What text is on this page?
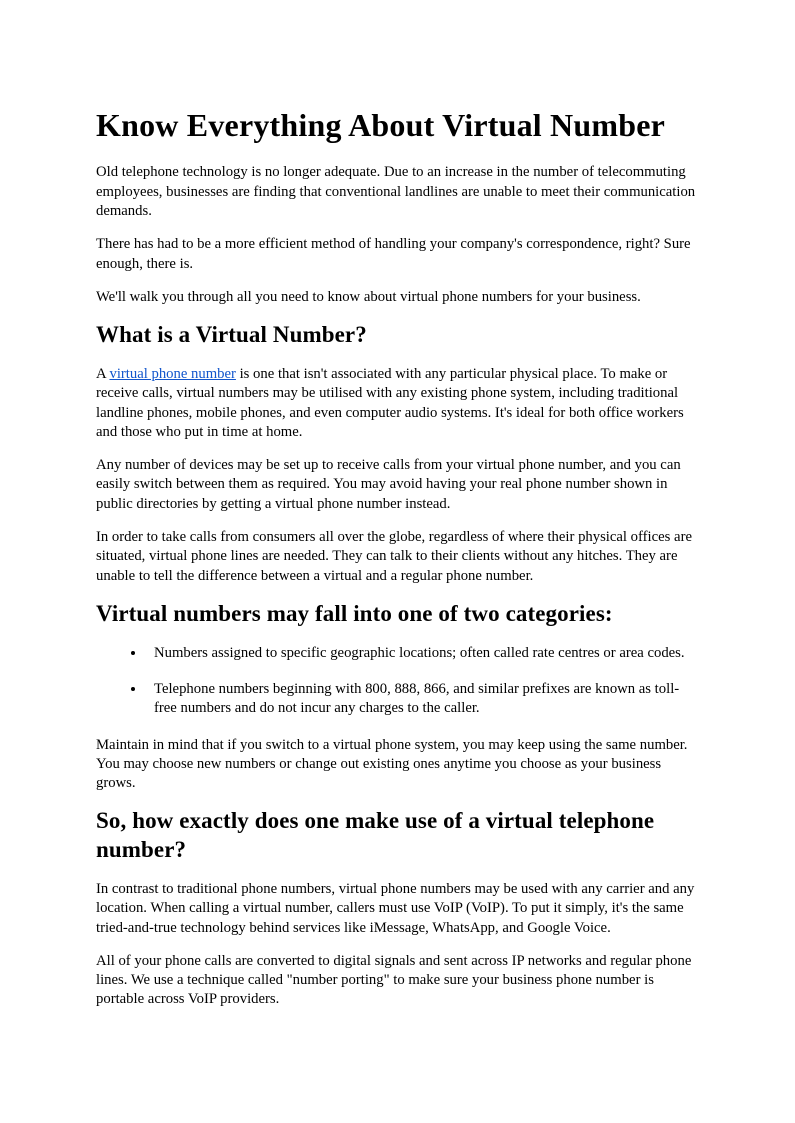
Know Everything About Virtual Number

Old telephone technology is no longer adequate. Due to an increase in the number of telecommuting employees, businesses are finding that conventional landlines are unable to meet their communication demands.

There has had to be a more efficient method of handling your company's correspondence, right? Sure enough, there is.

We'll walk you through all you need to know about virtual phone numbers for your business.

What is a Virtual Number?

A virtual phone number is one that isn't associated with any particular physical place. To make or receive calls, virtual numbers may be utilised with any existing phone system, including traditional landline phones, mobile phones, and even computer audio systems. It's ideal for both office workers and those who put in time at home.

Any number of devices may be set up to receive calls from your virtual phone number, and you can easily switch between them as required. You may avoid having your real phone number shown in public directories by getting a virtual phone number instead.

In order to take calls from consumers all over the globe, regardless of where their physical offices are situated, virtual phone lines are needed. They can talk to their clients without any hitches. They are unable to tell the difference between a virtual and a regular phone number.

Virtual numbers may fall into one of two categories:
• Numbers assigned to specific geographic locations; often called rate centres or area codes.
• Telephone numbers beginning with 800, 888, 866, and similar prefixes are known as toll-free numbers and do not incur any charges to the caller.

Maintain in mind that if you switch to a virtual phone system, you may keep using the same number. You may choose new numbers or change out existing ones anytime you choose as your business grows.

So, how exactly does one make use of a virtual telephone number?

In contrast to traditional phone numbers, virtual phone numbers may be used with any carrier and any location. When calling a virtual number, callers must use VoIP (VoIP). To put it simply, it's the same tried-and-true technology behind services like iMessage, WhatsApp, and Google Voice.

All of your phone calls are converted to digital signals and sent across IP networks and regular phone lines. We use a technique called "number porting" to make sure your business phone number is portable across VoIP providers.
